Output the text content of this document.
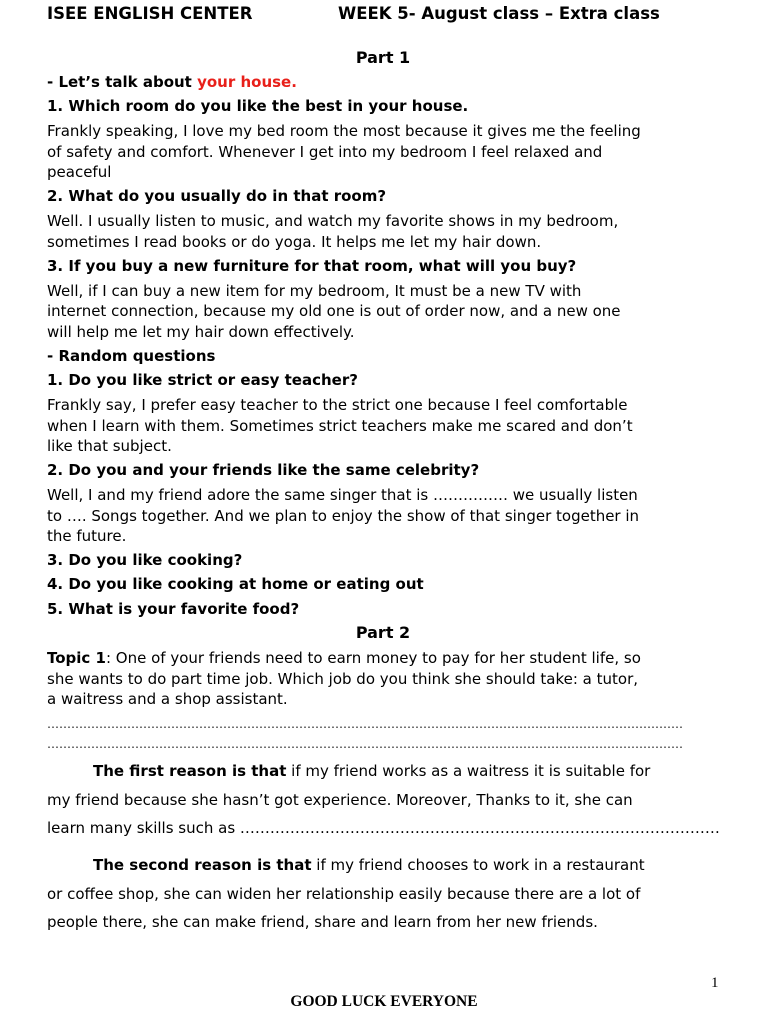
ISEE ENGLISH CENTER	WEEK 5- August class – Extra class
Part 1
- Let’s talk about your house.
1. Which room do you like the best in your house.
Frankly speaking, I love my bed room the most because it gives me the feeling
of safety and comfort. Whenever I get into my bedroom I feel relaxed and
peaceful
2. What do you usually do in that room?
Well. I usually listen to music, and watch my favorite shows in my bedroom,
sometimes I read books or do yoga. It helps me let my hair down.
3. If you buy a new furniture for that room, what will you buy?
Well, if I can buy a new item for my bedroom, It must be a new TV with
internet connection, because my old one is out of order now, and a new one
will help me let my hair down effectively.
- Random questions
1. Do you like strict or easy teacher?
Frankly say, I prefer easy teacher to the strict one because I feel comfortable
when I learn with them. Sometimes strict teachers make me scared and don’t
like that subject.
2. Do you and your friends like the same celebrity?
Well, I and my friend adore the same singer that is …………… we usually listen
to …. Songs together. And we plan to enjoy the show of that singer together in
the future.
3. Do you like cooking?
4. Do you like cooking at home or eating out
5. What is your favorite food?
Part 2
Topic 1: One of your friends need to earn money to pay for her student life, so
she wants to do part time job. Which job do you think she should take: a tutor,
a waitress and a shop assistant.
……………………………………………………………………………………………………………………………………………
……………………………………………………………………………………………………………………………………………
The first reason is that if my friend works as a waitress it is suitable for
my friend because she hasn’t got experience. Moreover, Thanks to it, she can
learn many skills such as ……………………………………………………………………………………
The second reason is that if my friend chooses to work in a restaurant
or coffee shop, she can widen her relationship easily because there are a lot of
people there, she can make friend, share and learn from her new friends.
1
GOOD LUCK EVERYONE
